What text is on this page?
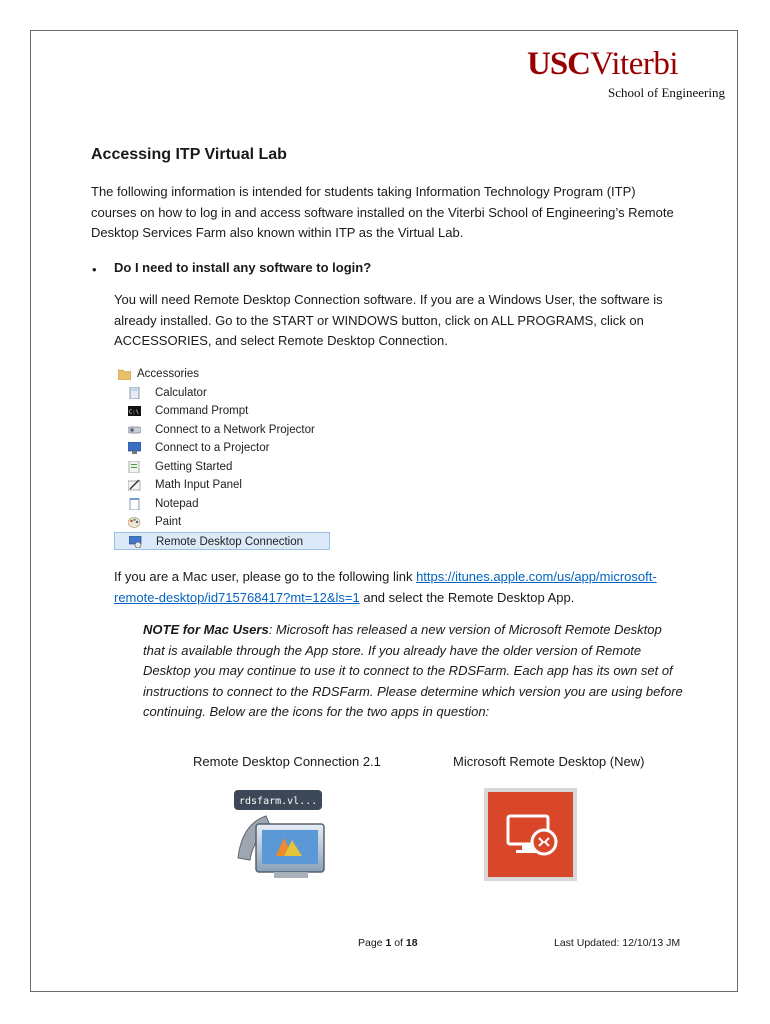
USCViterbi
School of Engineering
Accessing ITP Virtual Lab

The following information is intended for students taking Information Technology Program (ITP) courses on how to log in and access software installed on the Viterbi School of Engineering’s Remote Desktop Services Farm also known within ITP as the Virtual Lab.

• Do I need to install any software to login?

You will need Remote Desktop Connection software. If you are a Windows User, the software is already installed. Go to the START or WINDOWS button, click on ALL PROGRAMS, click on ACCESSORIES, and select Remote Desktop Connection.

Accessories
Calculator
C:\ Command Prompt
Connect to a Network Projector
Connect to a Projector
Getting Started
Math Input Panel
Notepad
Paint
Remote Desktop Connection

If you are a Mac user, please go to the following link https://itunes.apple.com/us/app/microsoft-remote-desktop/id715768417?mt=12&ls=1 and select the Remote Desktop App.

NOTE for Mac Users: Microsoft has released a new version of Microsoft Remote Desktop that is available through the App store. If you already have the older version of Remote Desktop you may continue to use it to connect to the RDSFarm. Each app has its own set of instructions to connect to the RDSFarm. Please determine which version you are using before continuing. Below are the icons for the two apps in question:

Remote Desktop Connection 2.1	Microsoft Remote Desktop (New)
rdsfarm.vl...
Page 1 of 18	Last Updated: 12/10/13 JM
